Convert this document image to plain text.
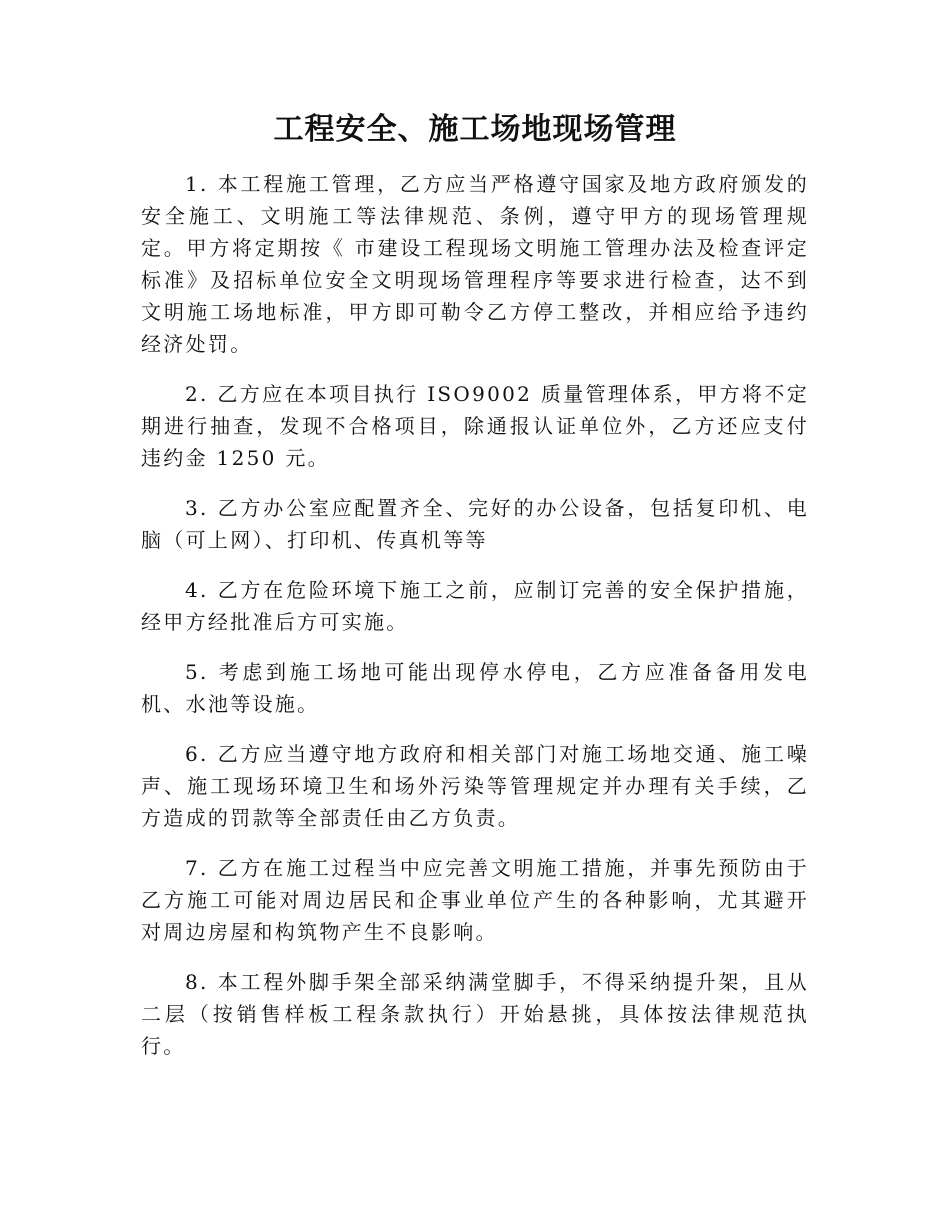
工程安全、施工场地现场管理

1. 本工程施工管理，乙方应当严格遵守国家及地方政府颁发的安全施工、文明施工等法律规范、条例，遵守甲方的现场管理规定。甲方将定期按《 市建设工程现场文明施工管理办法及检查评定标准》及招标单位安全文明现场管理程序等要求进行检查，达不到文明施工场地标准，甲方即可勒令乙方停工整改，并相应给予违约经济处罚。

2. 乙方应在本项目执行 ISO9002 质量管理体系，甲方将不定期进行抽查，发现不合格项目，除通报认证单位外，乙方还应支付违约金 1250 元。

3. 乙方办公室应配置齐全、完好的办公设备，包括复印机、电脑（可上网）、打印机、传真机等等

4. 乙方在危险环境下施工之前，应制订完善的安全保护措施，经甲方经批准后方可实施。

5. 考虑到施工场地可能出现停水停电，乙方应准备备用发电机、水池等设施。

6. 乙方应当遵守地方政府和相关部门对施工场地交通、施工噪声、施工现场环境卫生和场外污染等管理规定并办理有关手续，乙方造成的罚款等全部责任由乙方负责。

7. 乙方在施工过程当中应完善文明施工措施，并事先预防由于乙方施工可能对周边居民和企事业单位产生的各种影响，尤其避开对周边房屋和构筑物产生不良影响。

8. 本工程外脚手架全部采纳满堂脚手，不得采纳提升架，且从二层（按销售样板工程条款执行）开始悬挑，具体按法律规范执行。
